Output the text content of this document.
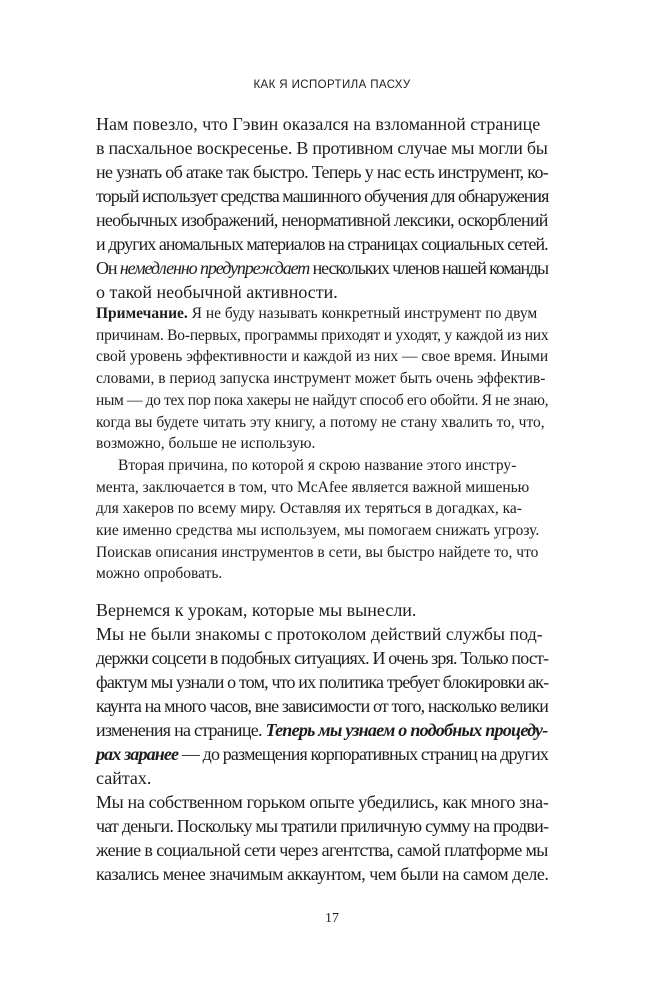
КАК Я ИСПОРТИЛА ПАСХУ
Нам повезло, что Гэвин оказался на взломанной странице
в пасхальное воскресенье. В противном случае мы могли бы
не узнать об атаке так быстро. Теперь у нас есть инструмент, ко-
торый использует средства машинного обучения для обнаружения
необычных изображений, ненормативной лексики, оскорблений
и других аномальных материалов на страницах социальных сетей.
Он немедленно предупреждает нескольких членов нашей команды
о такой необычной активности.
Примечание. Я не буду называть конкретный инструмент по двум
причинам. Во-первых, программы приходят и уходят, у каждой из них
свой уровень эффективности и каждой из них — свое время. Иными
словами, в период запуска инструмент может быть очень эффектив-
ным — до тех пор пока хакеры не найдут способ его обойти. Я не знаю,
когда вы будете читать эту книгу, а потому не стану хвалить то, что,
возможно, больше не использую.
Вторая причина, по которой я скрою название этого инстру-
мента, заключается в том, что McAfee является важной мишенью
для хакеров по всему миру. Оставляя их теряться в догадках, ка-
кие именно средства мы используем, мы помогаем снижать угрозу.
Поискав описания инструментов в сети, вы быстро найдете то, что
можно опробовать.
Вернемся к урокам, которые мы вынесли.
Мы не были знакомы с протоколом действий службы под-
держки соцсети в подобных ситуациях. И очень зря. Только пост-
фактум мы узнали о том, что их политика требует блокировки ак-
каунта на много часов, вне зависимости от того, насколько велики
изменения на странице. Теперь мы узнаем о подобных процеду-
рах заранее — до размещения корпоративных страниц на других
сайтах.
Мы на собственном горьком опыте убедились, как много зна-
чат деньги. Поскольку мы тратили приличную сумму на продви-
жение в социальной сети через агентства, самой платформе мы
казались менее значимым аккаунтом, чем были на самом деле.
17
